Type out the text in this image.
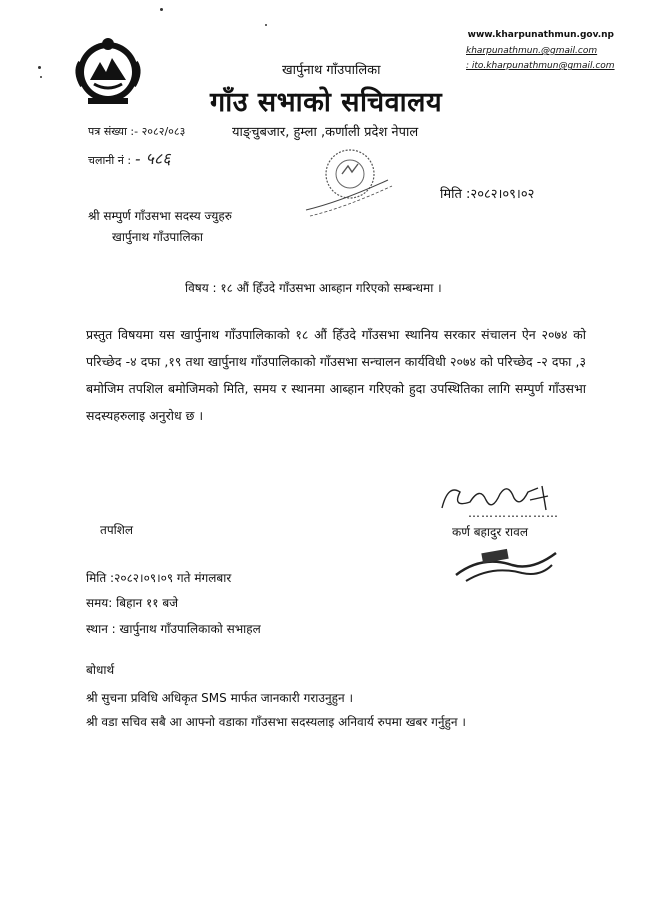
www.kharpunathmun.gov.np
kharpunathmun.@gmail.com
: ito.kharpunathmun@gmail.com
खार्पुनाथ गाँउपालिका
गाँउ सभाको सचिवालय
पत्र संख्या :- २०८२/०८३	याङ्चुबजार, हुम्ला ,कर्णाली प्रदेश नेपाल
चलानी नं : - ५८६
मिति :२०८२।०९।०२
श्री सम्पुर्ण गाँउसभा सदस्य ज्युहरु
खार्पुनाथ गाँउपालिका
विषय : १८ औं हिँउदे गाँउसभा आब्हान गरिएको सम्बन्धमा ।
प्रस्तुत विषयमा यस खार्पुनाथ गाँउपालिकाको १८ औं हिँउदे गाँउसभा स्थानिय सरकार संचालन ऐन २०७४ को परिच्छेद -४ दफा ,१९ तथा खार्पुनाथ गाँउपालिकाको गाँउसभा सन्चालन कार्यविधी २०७४ को परिच्छेद -२ दफा ,३ बमोजिम तपशिल बमोजिमको मिति, समय र स्थानमा आब्हान गरिएको हुदा उपस्थितिका लागि सम्पुर्ण गाँउसभा सदस्यहरुलाइ अनुरोध छ ।
…………………
कर्ण बहादुर रावल
तपशिल
मिति :२०८२।०९।०९ गते मंगलबार
समय: बिहान ११ बजे
स्थान : खार्पुनाथ गाँउपालिकाको सभाहल
बोधार्थ
श्री सुचना प्रविधि अधिकृत SMS मार्फत जानकारी गराउनुहुन ।
श्री वडा सचिव सबै आ आफ्नो वडाका गाँउसभा सदस्यलाइ अनिवार्य रुपमा खबर गर्नुहुन ।
